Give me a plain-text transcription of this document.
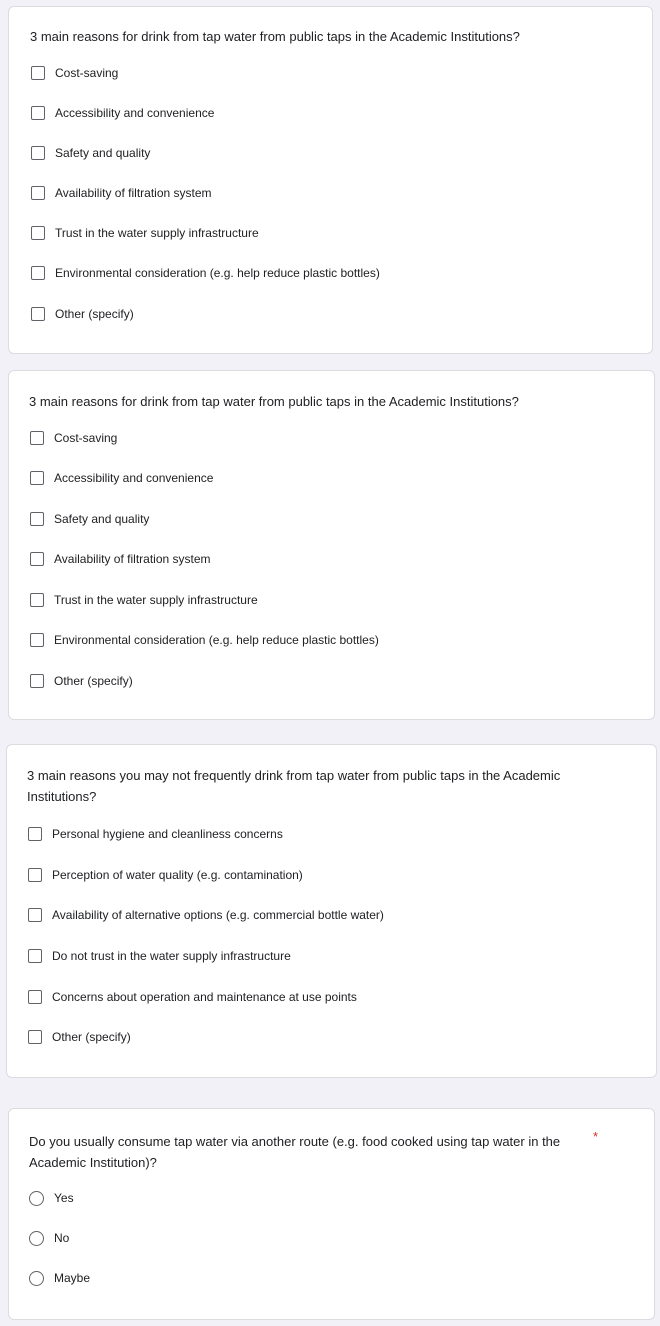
3 main reasons for drink from tap water from public taps in the Academic Institutions?
Cost-saving
Accessibility and convenience
Safety and quality
Availability of filtration system
Trust in the water supply infrastructure
Environmental consideration (e.g. help reduce plastic bottles)
Other (specify)
3 main reasons for drink from tap water from public taps in the Academic Institutions?
Cost-saving
Accessibility and convenience
Safety and quality
Availability of filtration system
Trust in the water supply infrastructure
Environmental consideration (e.g. help reduce plastic bottles)
Other (specify)
3 main reasons you may not frequently drink from tap water from public taps in the Academic Institutions?
Personal hygiene and cleanliness concerns
Perception of water quality (e.g. contamination)
Availability of alternative options (e.g. commercial bottle water)
Do not trust in the water supply infrastructure
Concerns about operation and maintenance at use points
Other (specify)
Do you usually consume tap water via another route (e.g. food cooked using tap water in the Academic Institution)?
*
Yes
No
Maybe
